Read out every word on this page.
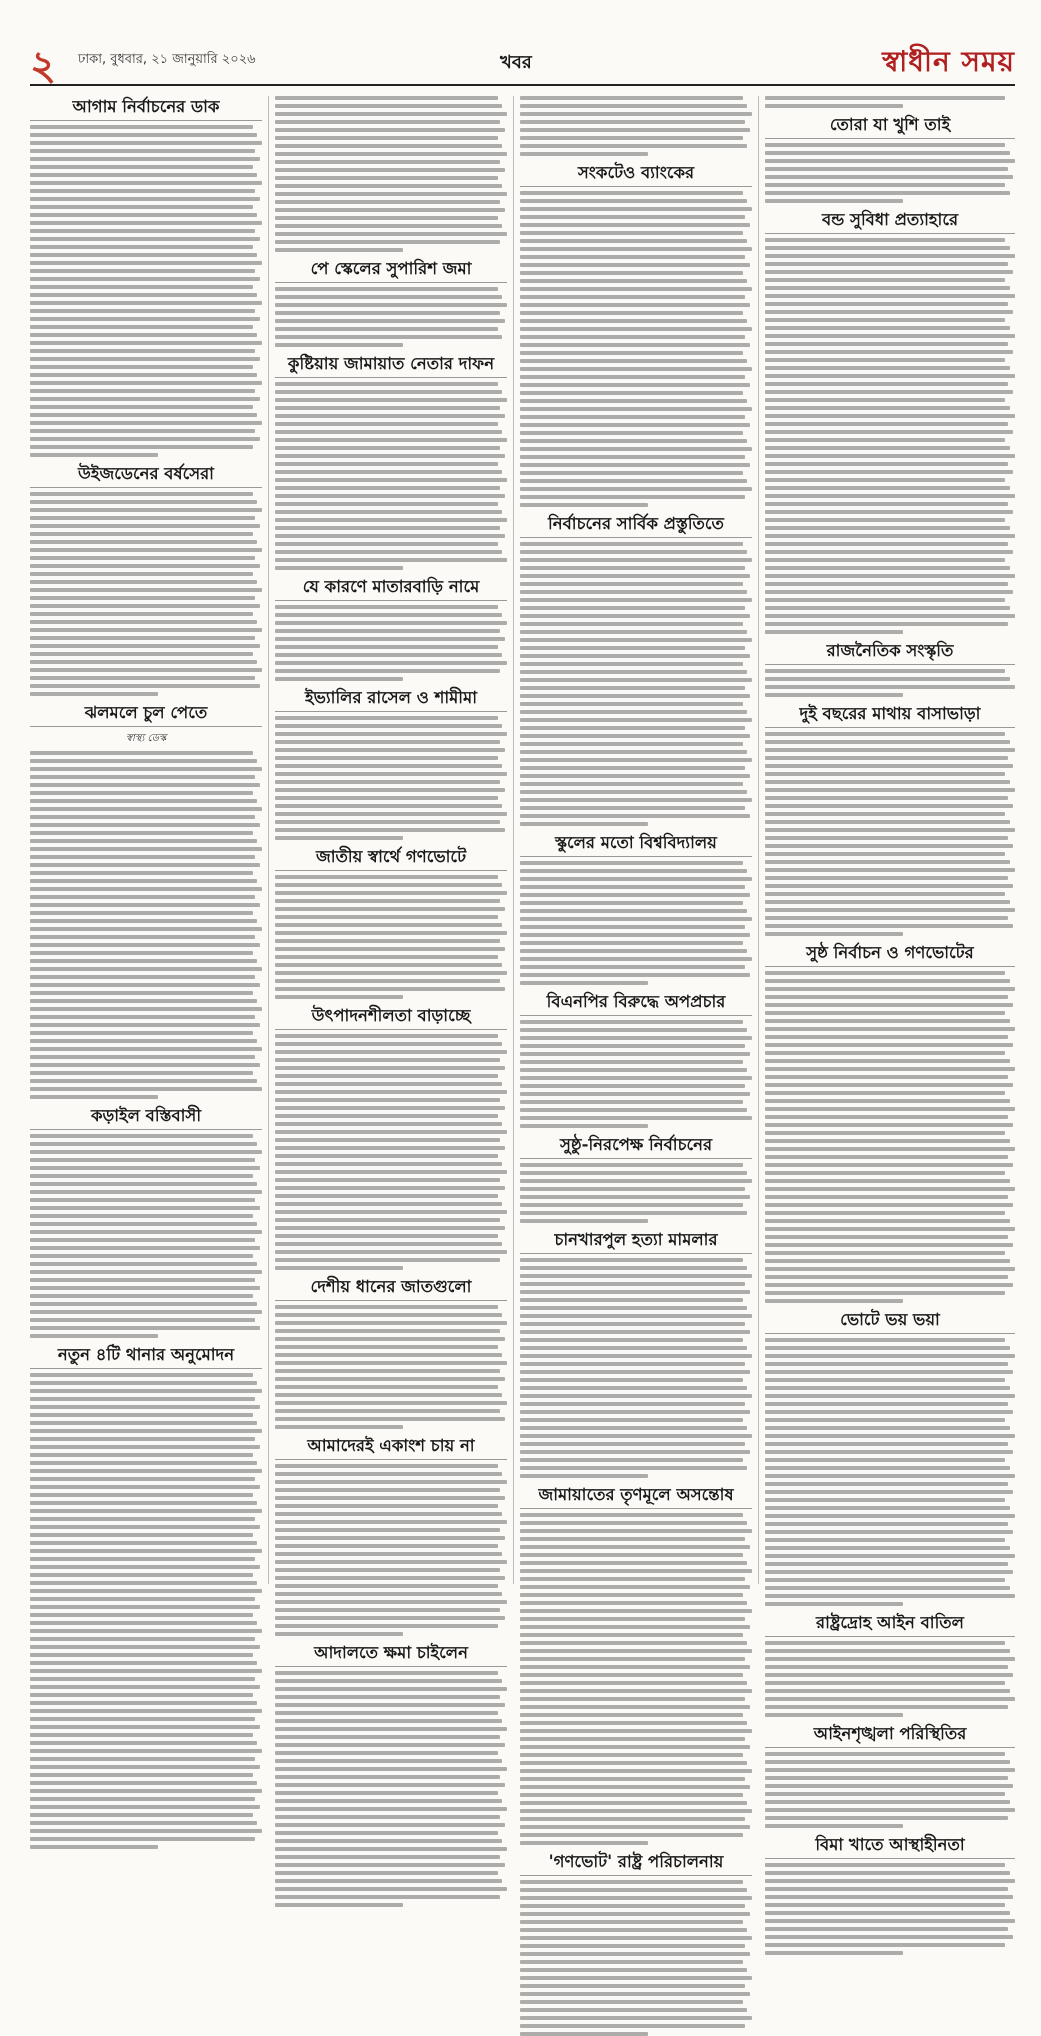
২ ঢাকা, বুধবার, ২১ জানুয়ারি ২০২৬	খবর	স্বাধীন সময়
আগাম নির্বাচনের ডাক
উইজডেনের বর্ষসেরা
ঝলমলে চুল পেতে
স্বাস্থ্য ডেস্ক
কড়াইল বস্তিবাসী
নতুন ৪টি থানার অনুমোদন
পে স্কেলের সুপারিশ জমা
কুষ্টিয়ায় জামায়াত নেতার দাফন
যে কারণে মাতারবাড়ি নামে
ইভ্যালির রাসেল ও শামীমা
জাতীয় স্বার্থে গণভোটে
উৎপাদনশীলতা বাড়াচ্ছে
দেশীয় ধানের জাতগুলো
আমাদেরই একাংশ চায় না
আদালতে ক্ষমা চাইলেন
সংকটেও ব্যাংকের
নির্বাচনের সার্বিক প্রস্তুতিতে
স্কুলের মতো বিশ্ববিদ্যালয়
বিএনপির বিরুদ্ধে অপপ্রচার
সুষ্ঠু-নিরপেক্ষ নির্বাচনের
চানখারপুল হত্যা মামলার
জামায়াতের তৃণমূলে অসন্তোষ
'গণভোট' রাষ্ট্র পরিচালনায়
তোরা যা খুশি তাই
বন্ড সুবিধা প্রত্যাহারে
রাজনৈতিক সংস্কৃতি
দুই বছরের মাথায় বাসাভাড়া
সুষ্ঠ নির্বাচন ও গণভোটের
ভোটে ভয় ভয়া
রাষ্ট্রদ্রোহ আইন বাতিল
আইনশৃঙ্খলা পরিস্থিতির
বিমা খাতে আস্থাহীনতা
